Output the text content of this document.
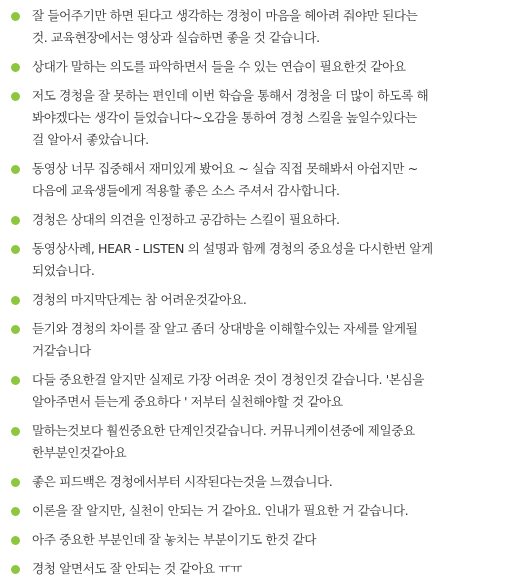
잘 들어주기만 하면 된다고 생각하는 경청이 마음을 헤아려 줘야만 된다는
것. 교육현장에서는 영상과 실습하면 좋을 것 같습니다.
상대가 말하는 의도를 파악하면서 들을 수 있는 연습이 필요한것 같아요
저도 경청을 잘 못하는 편인데 이번 학습을 통해서 경청을 더 많이 하도록 해
봐야겠다는 생각이 들었습니다~오감을 통하여 경청 스킬을 높일수있다는
걸 알아서 좋았습니다.
동영상 너무 집중해서 재미있게 봤어요 ~ 실습 직접 못해봐서 아쉽지만 ~
다음에 교육생들에게 적용할 좋은 소스 주셔서 감사합니다.
경청은 상대의 의견을 인정하고 공감하는 스킬이 필요하다.
동영상사례, HEAR - LISTEN 의 설명과 함께 경청의 중요성을 다시한번 알게
되었습니다.
경청의 마지막단계는 참 어려운것같아요.
듣기와 경청의 차이를 잘 알고 좀더 상대방을 이해할수있는 자세를 알게될
거같습니다
다들 중요한걸 알지만 실제로 가장 어려운 것이 경청인것 같습니다. '본심을
알아주면서 듣는게 중요하다 ' 저부터 실천해야할 것 같아요
말하는것보다 훨씬중요한 단계인것같습니다. 커뮤니케이션중에 제일중요
한부분인것같아요
좋은 피드백은 경청에서부터 시작된다는것을 느꼈습니다.
이론을 잘 알지만, 실천이 안되는 거 같아요. 인내가 필요한 거 같습니다.
아주 중요한 부분인데 잘 놓치는 부분이기도 한것 같다
경청 알면서도 잘 안되는 것 같아요 ㅠㅠ
